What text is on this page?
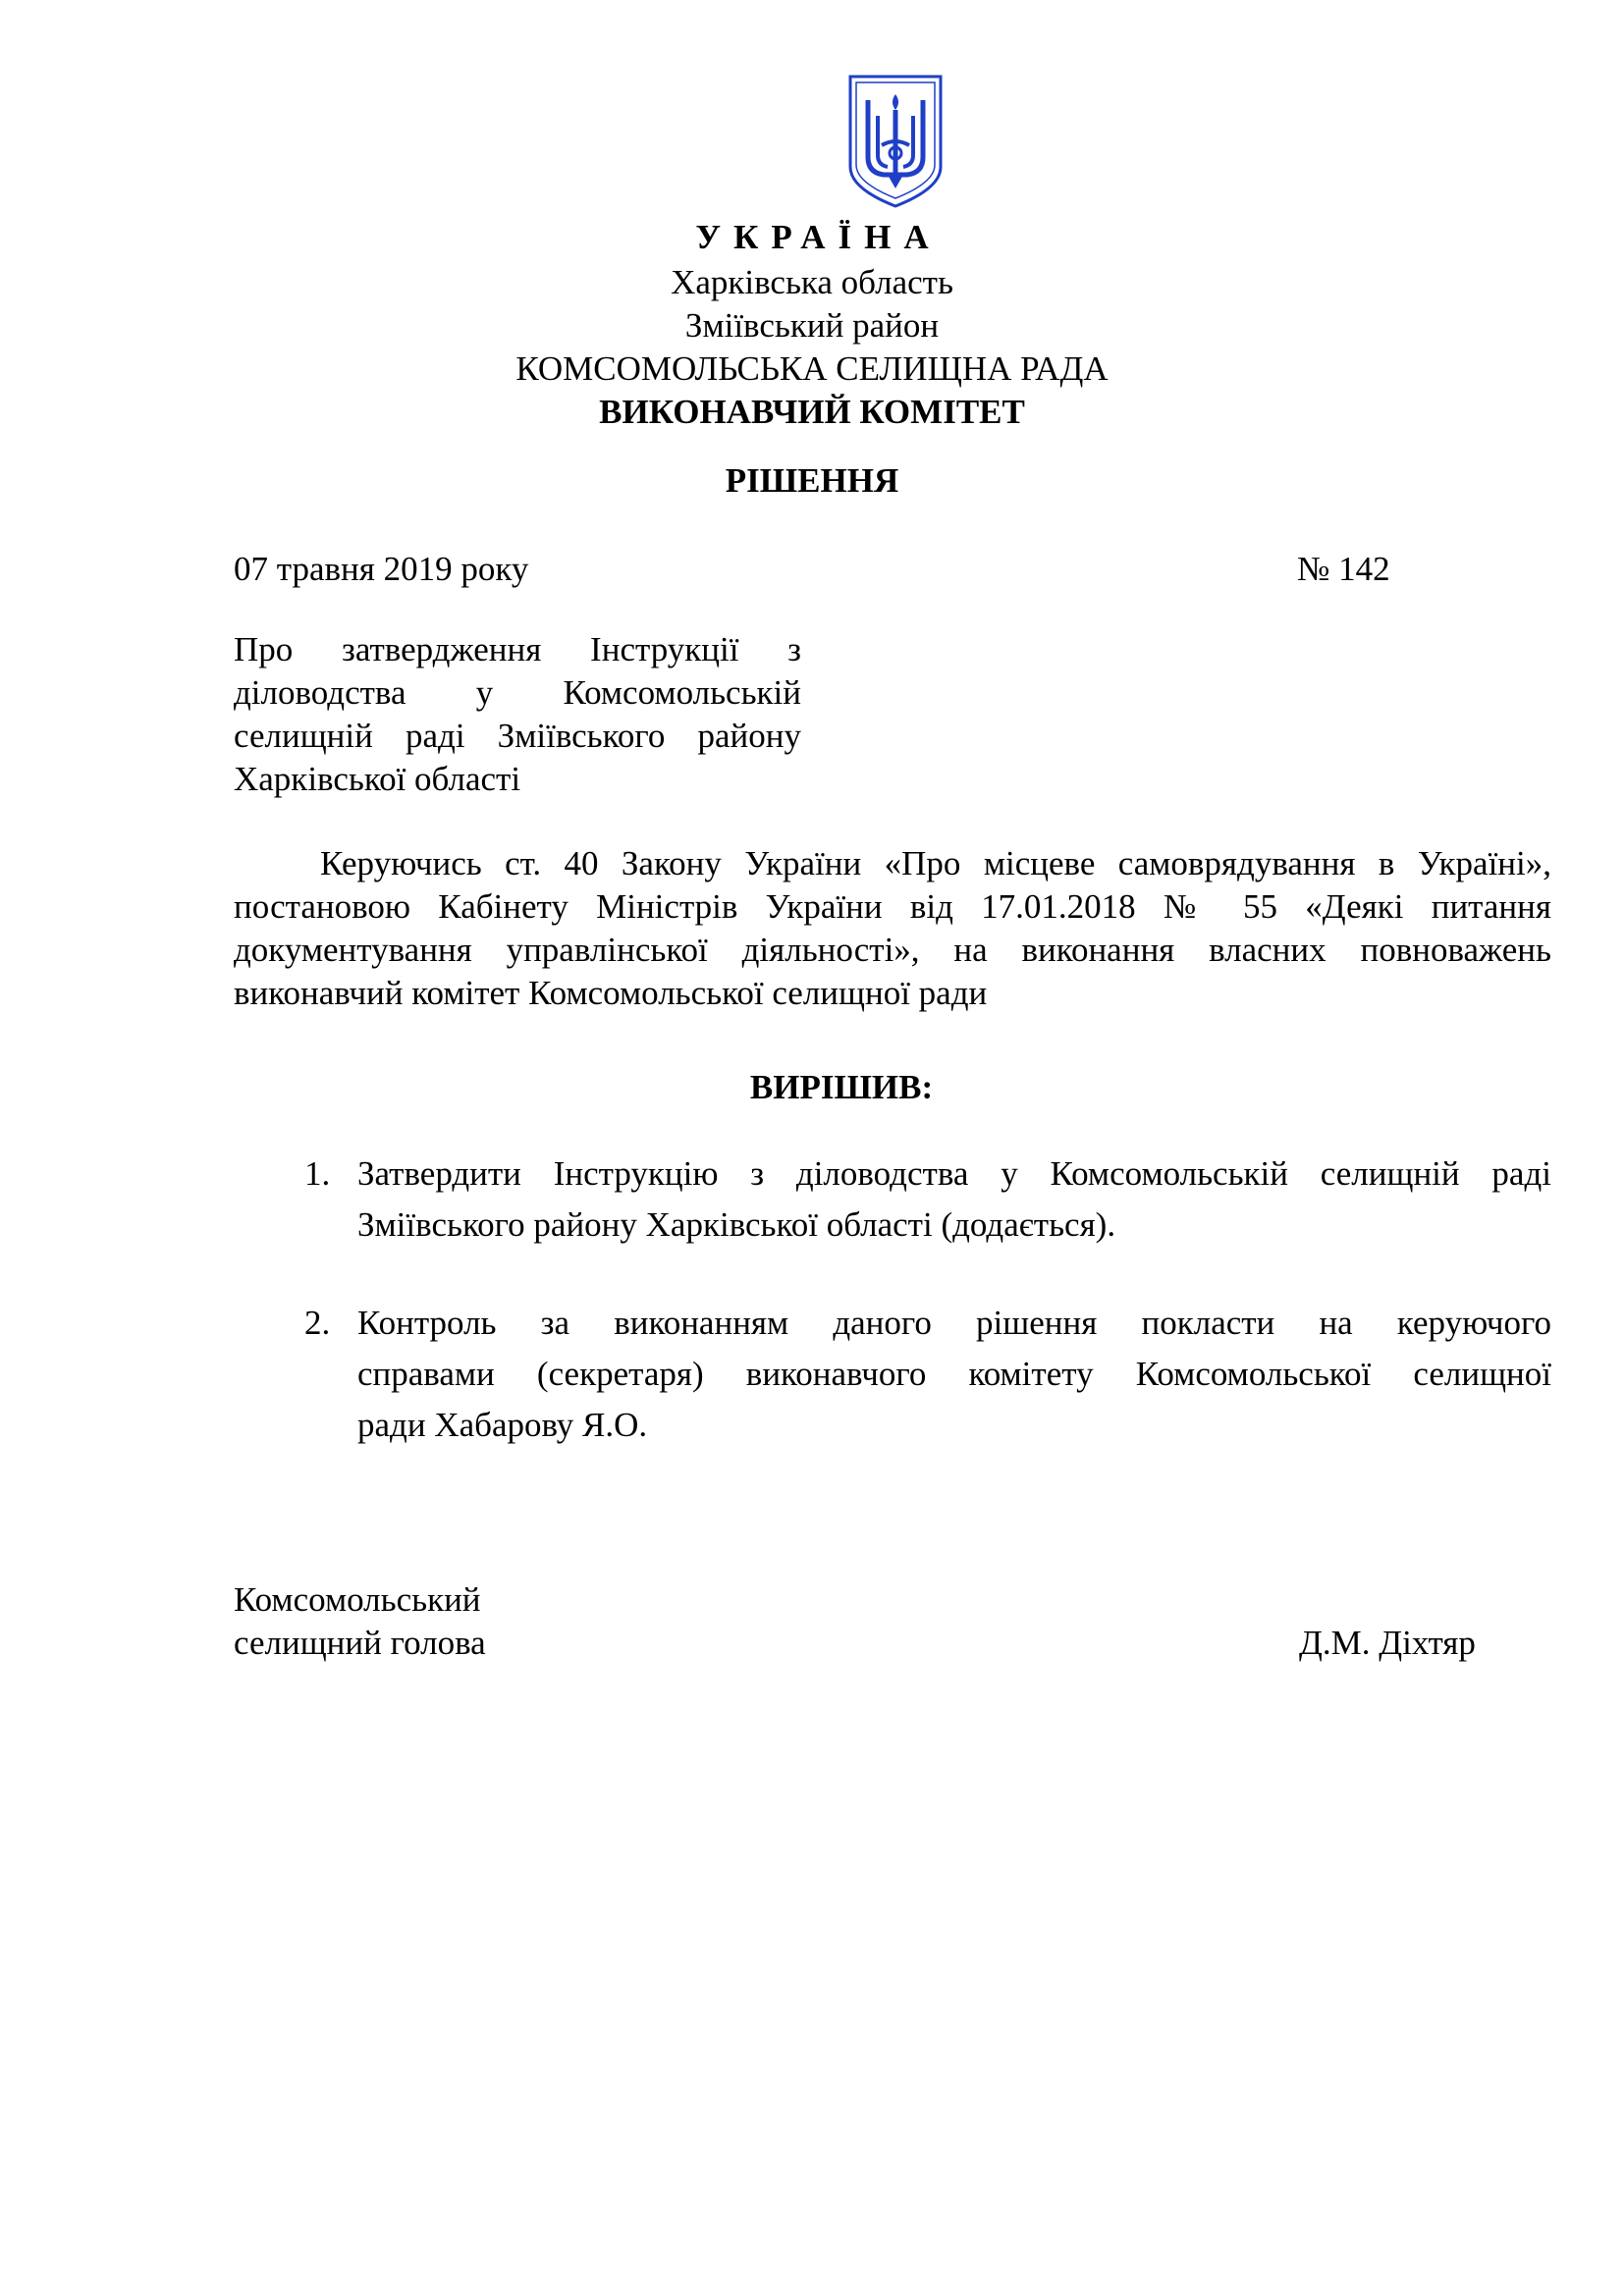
УКРАЇНА
Харківська область
Зміївський район
КОМСОМОЛЬСЬКА СЕЛИЩНА РАДА
ВИКОНАВЧИЙ КОМІТЕТ
РІШЕННЯ
07 травня 2019 року	№ 142
Про затвердження Інструкції з
діловодства у Комсомольській
селищній раді Зміївського району
Харківської області
Керуючись ст. 40 Закону України «Про місцеве самоврядування в Україні»,
постановою Кабінету Міністрів України від 17.01.2018 № 55 «Деякі питання
документування управлінської діяльності», на виконання власних повноважень
виконавчий комітет Комсомольської селищної ради
ВИРІШИВ:
1. Затвердити Інструкцію з діловодства у Комсомольській селищній раді
Зміївського району Харківської області (додається).
2. Контроль за виконанням даного рішення покласти на керуючого
справами (секретаря) виконавчого комітету Комсомольської селищної
ради Хабарову Я.О.
Комсомольський
селищний голова	Д.М. Діхтяр
